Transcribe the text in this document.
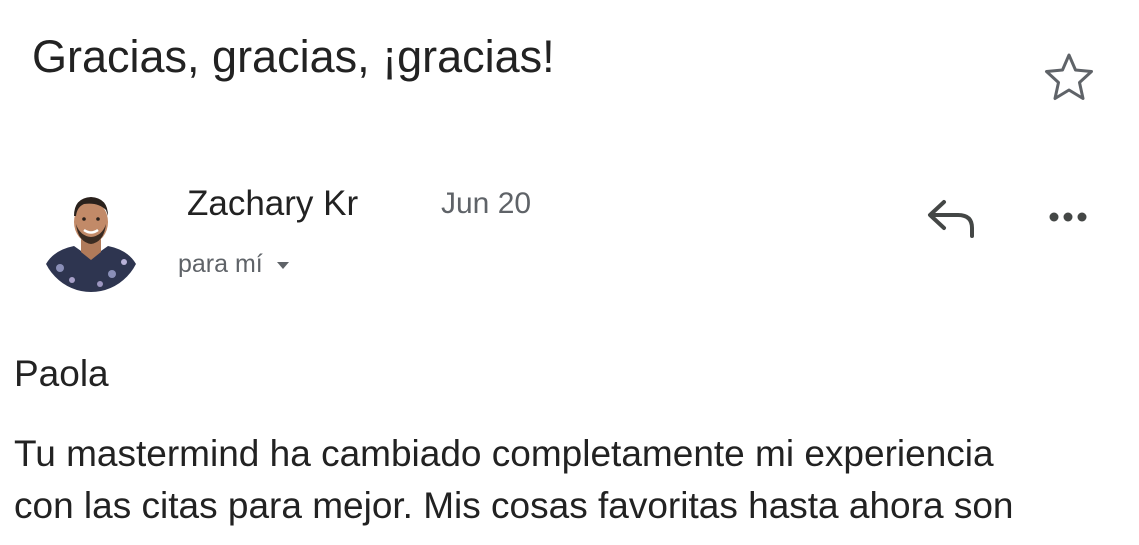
Gracias, gracias, ¡gracias!
Zachary Kr	Jun 20
para mí
Paola

Tu mastermind ha cambiado completamente mi experiencia

con las citas para mejor. Mis cosas favoritas hasta ahora son
